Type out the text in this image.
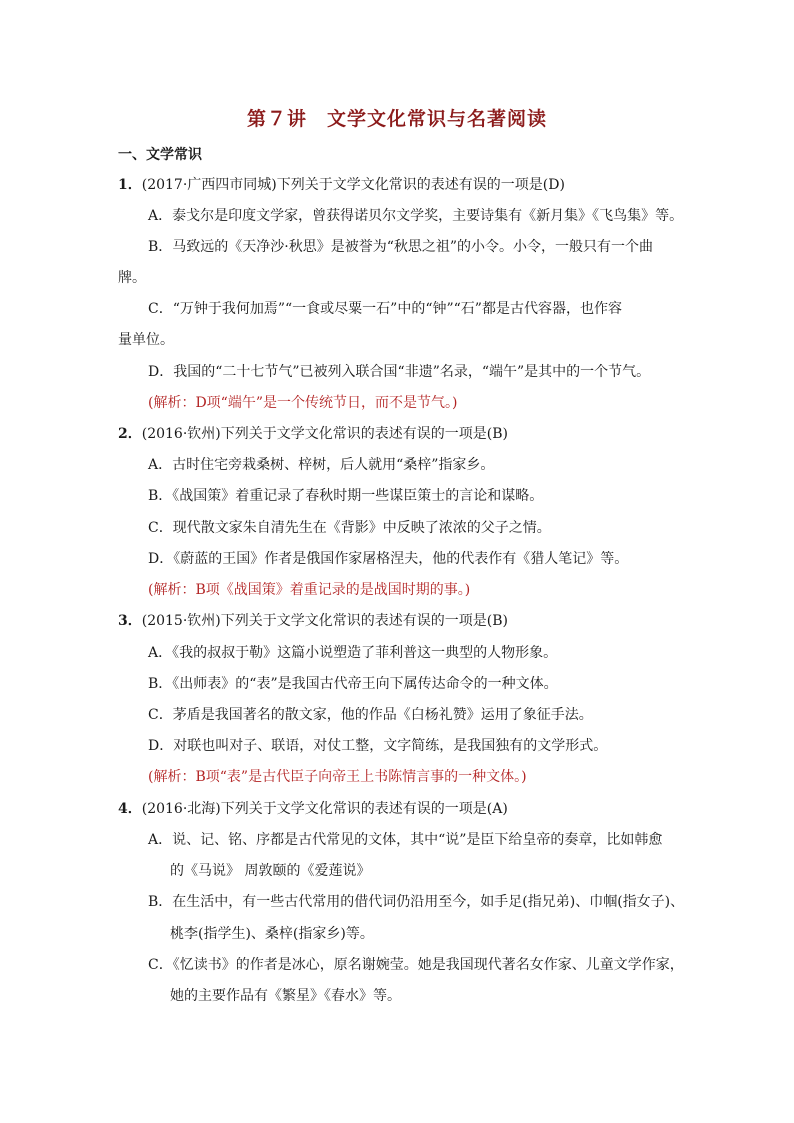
第７讲　文学文化常识与名著阅读
一、文学常识
1．(2017·广西四市同城)下列关于文学文化常识的表述有误的一项是(D)
A．泰戈尔是印度文学家，曾获得诺贝尔文学奖，主要诗集有《新月集》《飞鸟集》等。
B．马致远的《天净沙·秋思》是被誉为“秋思之祖”的小令。小令，一般只有一个曲
牌。
C．“万钟于我何加焉”“一食或尽粟一石”中的“钟”“石”都是古代容器，也作容
量单位。
D．我国的“二十七节气”已被列入联合国“非遗”名录，“端午”是其中的一个节气。
(解析：D项“端午”是一个传统节日，而不是节气。)
2．(2016·钦州)下列关于文学文化常识的表述有误的一项是(B)
A．古时住宅旁栽桑树、梓树，后人就用“桑梓”指家乡。
B．《战国策》着重记录了春秋时期一些谋臣策士的言论和谋略。
C．现代散文家朱自清先生在《背影》中反映了浓浓的父子之情。
D．《蔚蓝的王国》作者是俄国作家屠格涅夫，他的代表作有《猎人笔记》等。
(解析：B项《战国策》着重记录的是战国时期的事。)
3．(2015·钦州)下列关于文学文化常识的表述有误的一项是(B)
A．《我的叔叔于勒》这篇小说塑造了菲利普这一典型的人物形象。
B．《出师表》的“表”是我国古代帝王向下属传达命令的一种文体。
C．茅盾是我国著名的散文家，他的作品《白杨礼赞》运用了象征手法。
D．对联也叫对子、联语，对仗工整，文字简练，是我国独有的文学形式。
(解析：B项“表”是古代臣子向帝王上书陈情言事的一种文体。)
4．(2016·北海)下列关于文学文化常识的表述有误的一项是(A)
A．说、记、铭、序都是古代常见的文体，其中“说”是臣下给皇帝的奏章，比如韩愈
的《马说》 周敦颐的《爱莲说》
B．在生活中，有一些古代常用的借代词仍沿用至今，如手足(指兄弟)、巾帼(指女子)、
桃李(指学生)、桑梓(指家乡)等。
C．《忆读书》的作者是冰心，原名谢婉莹。她是我国现代著名女作家、儿童文学作家，
她的主要作品有《繁星》《春水》等。
